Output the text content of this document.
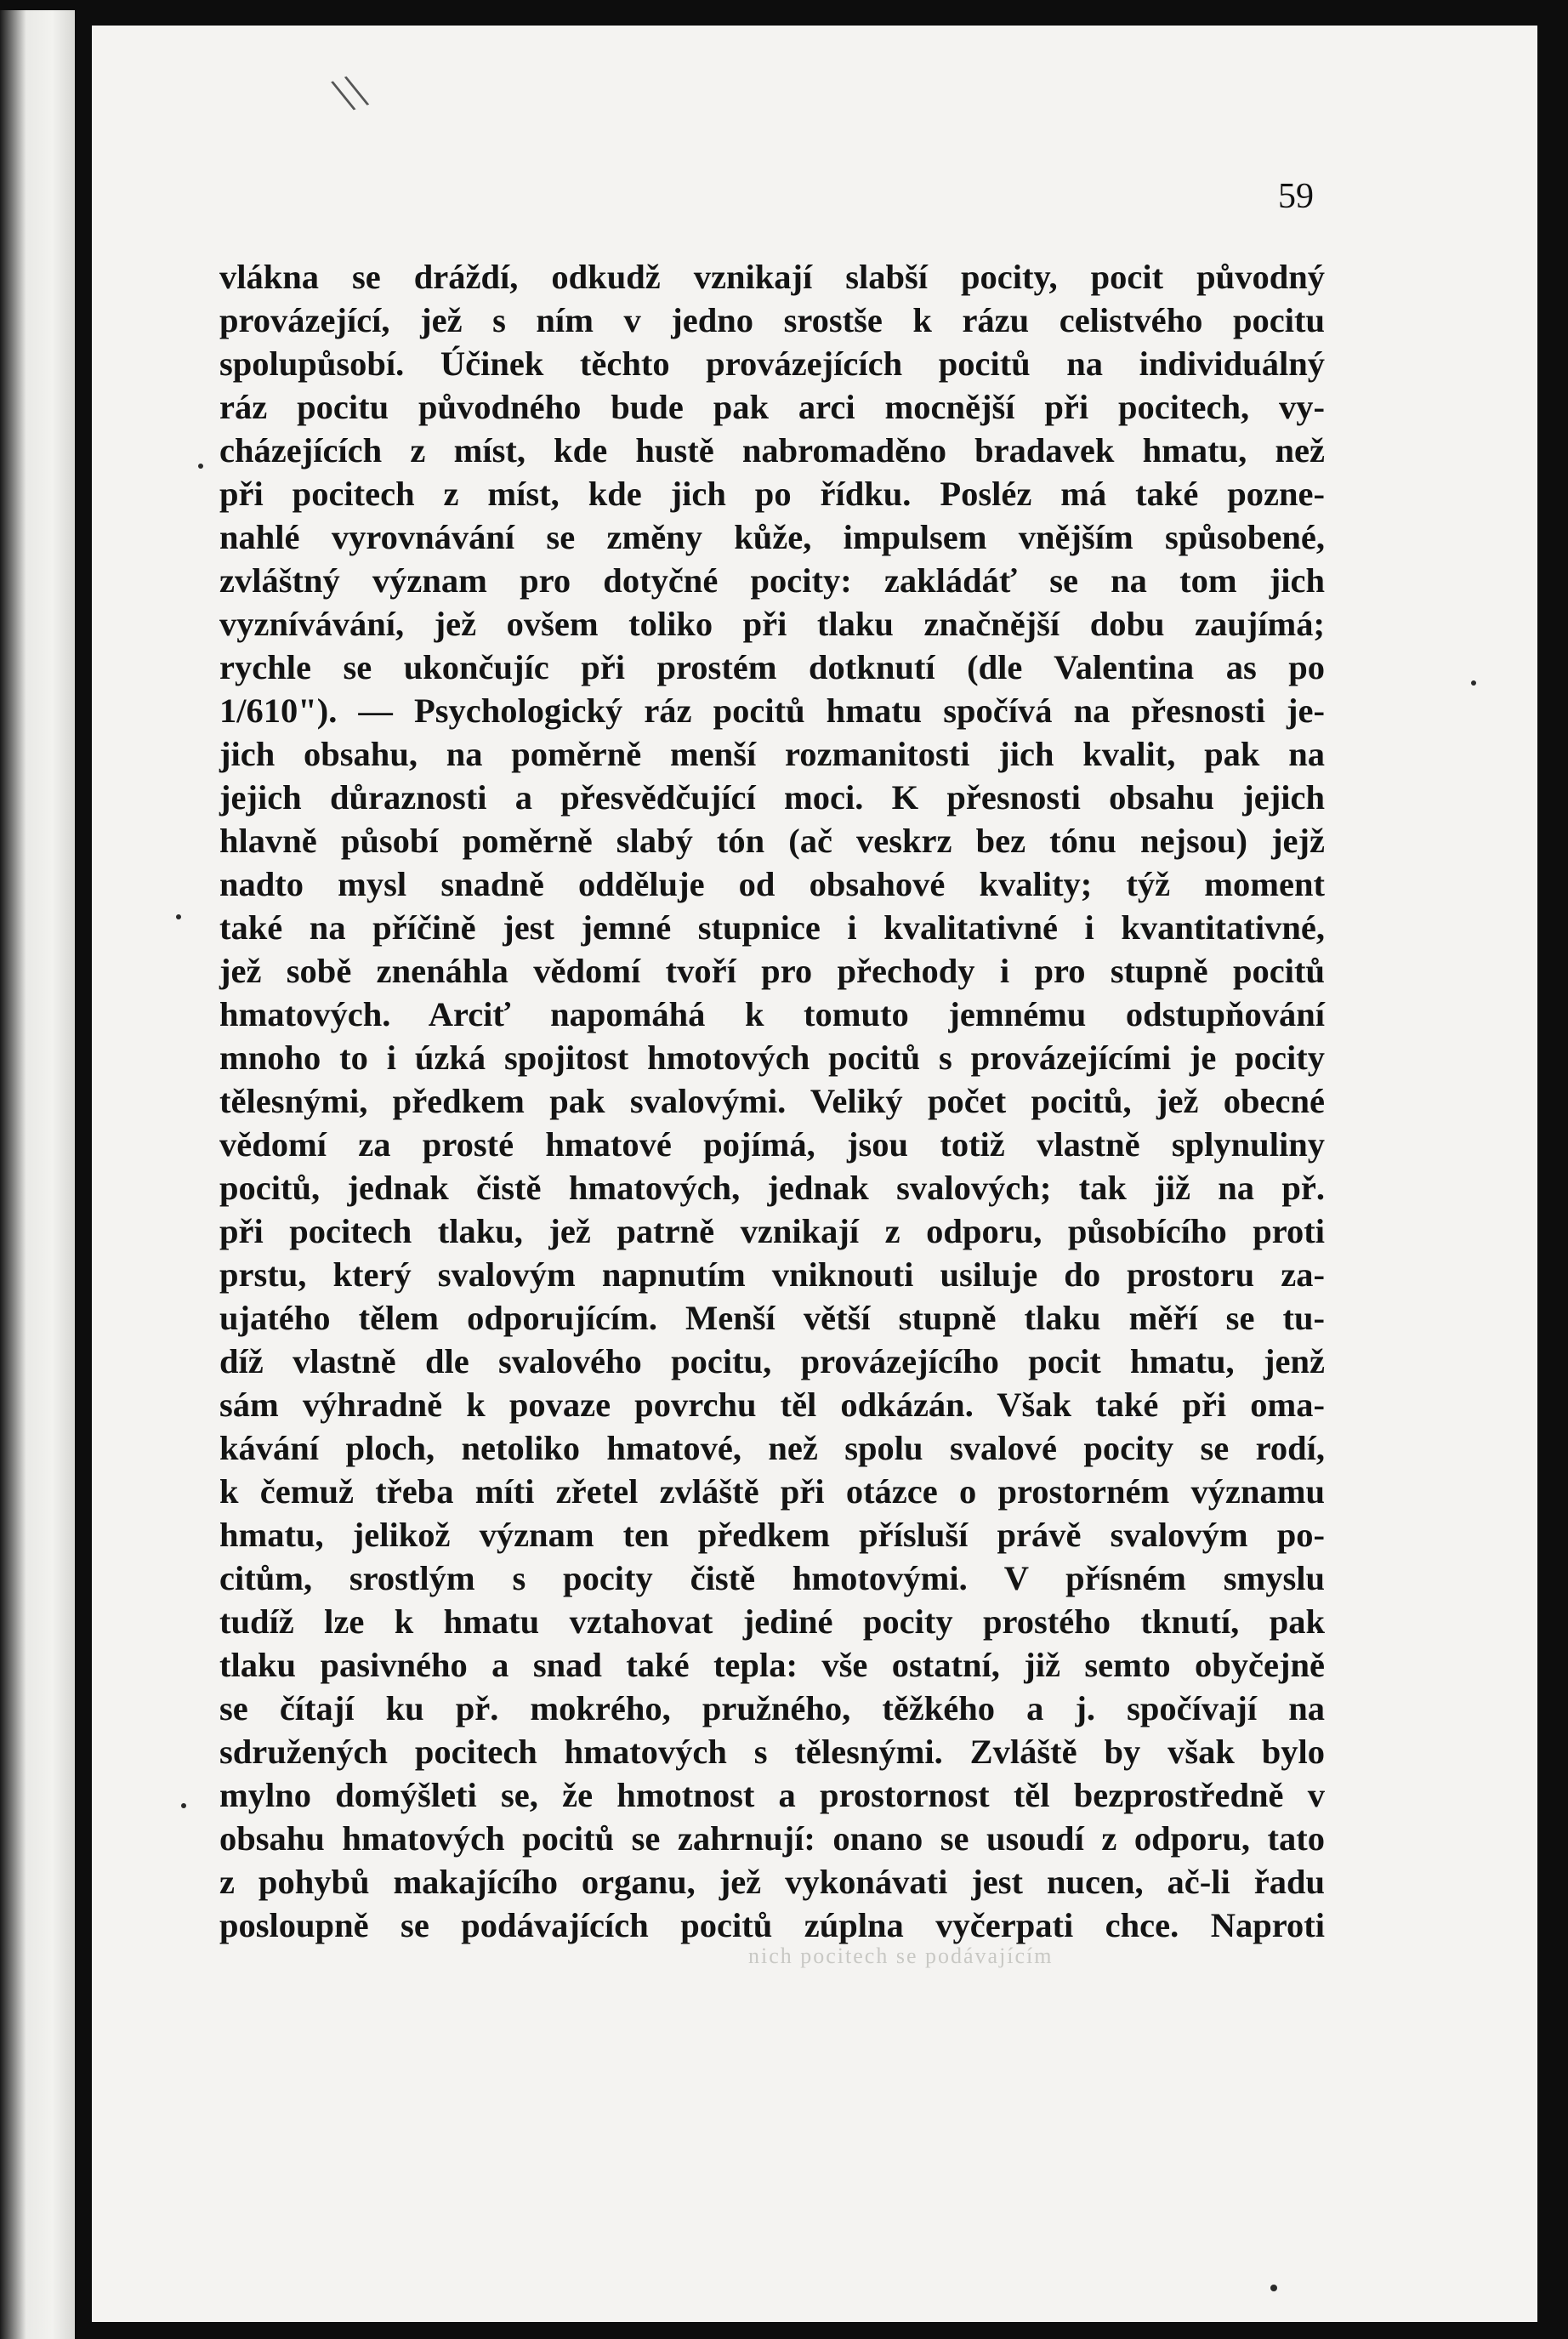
\\
59
vlákna se dráždí, odkudž vznikají slabší pocity, pocit původný
provázející, jež s ním v jedno srostše k rázu celistvého pocitu
spolupůsobí. Účinek těchto provázejících pocitů na individuálný
ráz pocitu původného bude pak arci mocnější při pocitech, vy-
cházejících z míst, kde hustě nabromaděno bradavek hmatu, než
při pocitech z míst, kde jich po řídku. Posléz má také pozne-
nahlé vyrovnávání se změny kůže, impulsem vnějším spůsobené,
zvláštný význam pro dotyčné pocity: zakládáť se na tom jich
vyznívávání, jež ovšem toliko při tlaku značnější dobu zaujímá;
rychle se ukončujíc při prostém dotknutí (dle Valentina as po
1/610"). — Psychologický ráz pocitů hmatu spočívá na přesnosti je-
jich obsahu, na poměrně menší rozmanitosti jich kvalit, pak na
jejich důraznosti a přesvědčující moci. K přesnosti obsahu jejich
hlavně působí poměrně slabý tón (ač veskrz bez tónu nejsou) jejž
nadto mysl snadně odděluje od obsahové kvality; týž moment
také na příčině jest jemné stupnice i kvalitativné i kvantitativné,
jež sobě znenáhla vědomí tvoří pro přechody i pro stupně pocitů
hmatových. Arciť napomáhá k tomuto jemnému odstupňování
mnoho to i úzká spojitost hmotových pocitů s provázejícími je pocity
tělesnými, předkem pak svalovými. Veliký počet pocitů, jež obecné
vědomí za prosté hmatové pojímá, jsou totiž vlastně splynuliny
pocitů, jednak čistě hmatových, jednak svalových; tak již na př.
při pocitech tlaku, jež patrně vznikají z odporu, působícího proti
prstu, který svalovým napnutím vniknouti usiluje do prostoru za-
ujatého tělem odporujícím. Menší větší stupně tlaku měří se tu-
díž vlastně dle svalového pocitu, provázejícího pocit hmatu, jenž
sám výhradně k povaze povrchu těl odkázán. Však také při oma-
kávání ploch, netoliko hmatové, než spolu svalové pocity se rodí,
k čemuž třeba míti zřetel zvláště při otázce o prostorném významu
hmatu, jelikož význam ten předkem přísluší právě svalovým po-
citům, srostlým s pocity čistě hmotovými. V přísném smyslu
tudíž lze k hmatu vztahovat jediné pocity prostého tknutí, pak
tlaku pasivného a snad také tepla: vše ostatní, již semto obyčejně
se čítají ku př. mokrého, pružného, těžkého a j. spočívají na
sdružených pocitech hmatových s tělesnými. Zvláště by však bylo
mylno domýšleti se, že hmotnost a prostornost těl bezprostředně v
obsahu hmatových pocitů se zahrnují: onano se usoudí z odporu, tato
z pohybů makajícího organu, jež vykonávati jest nucen, ač-li řadu
posloupně se podávajících pocitů zúplna vyčerpati chce. Naproti
nich pocitech se podávajícím
